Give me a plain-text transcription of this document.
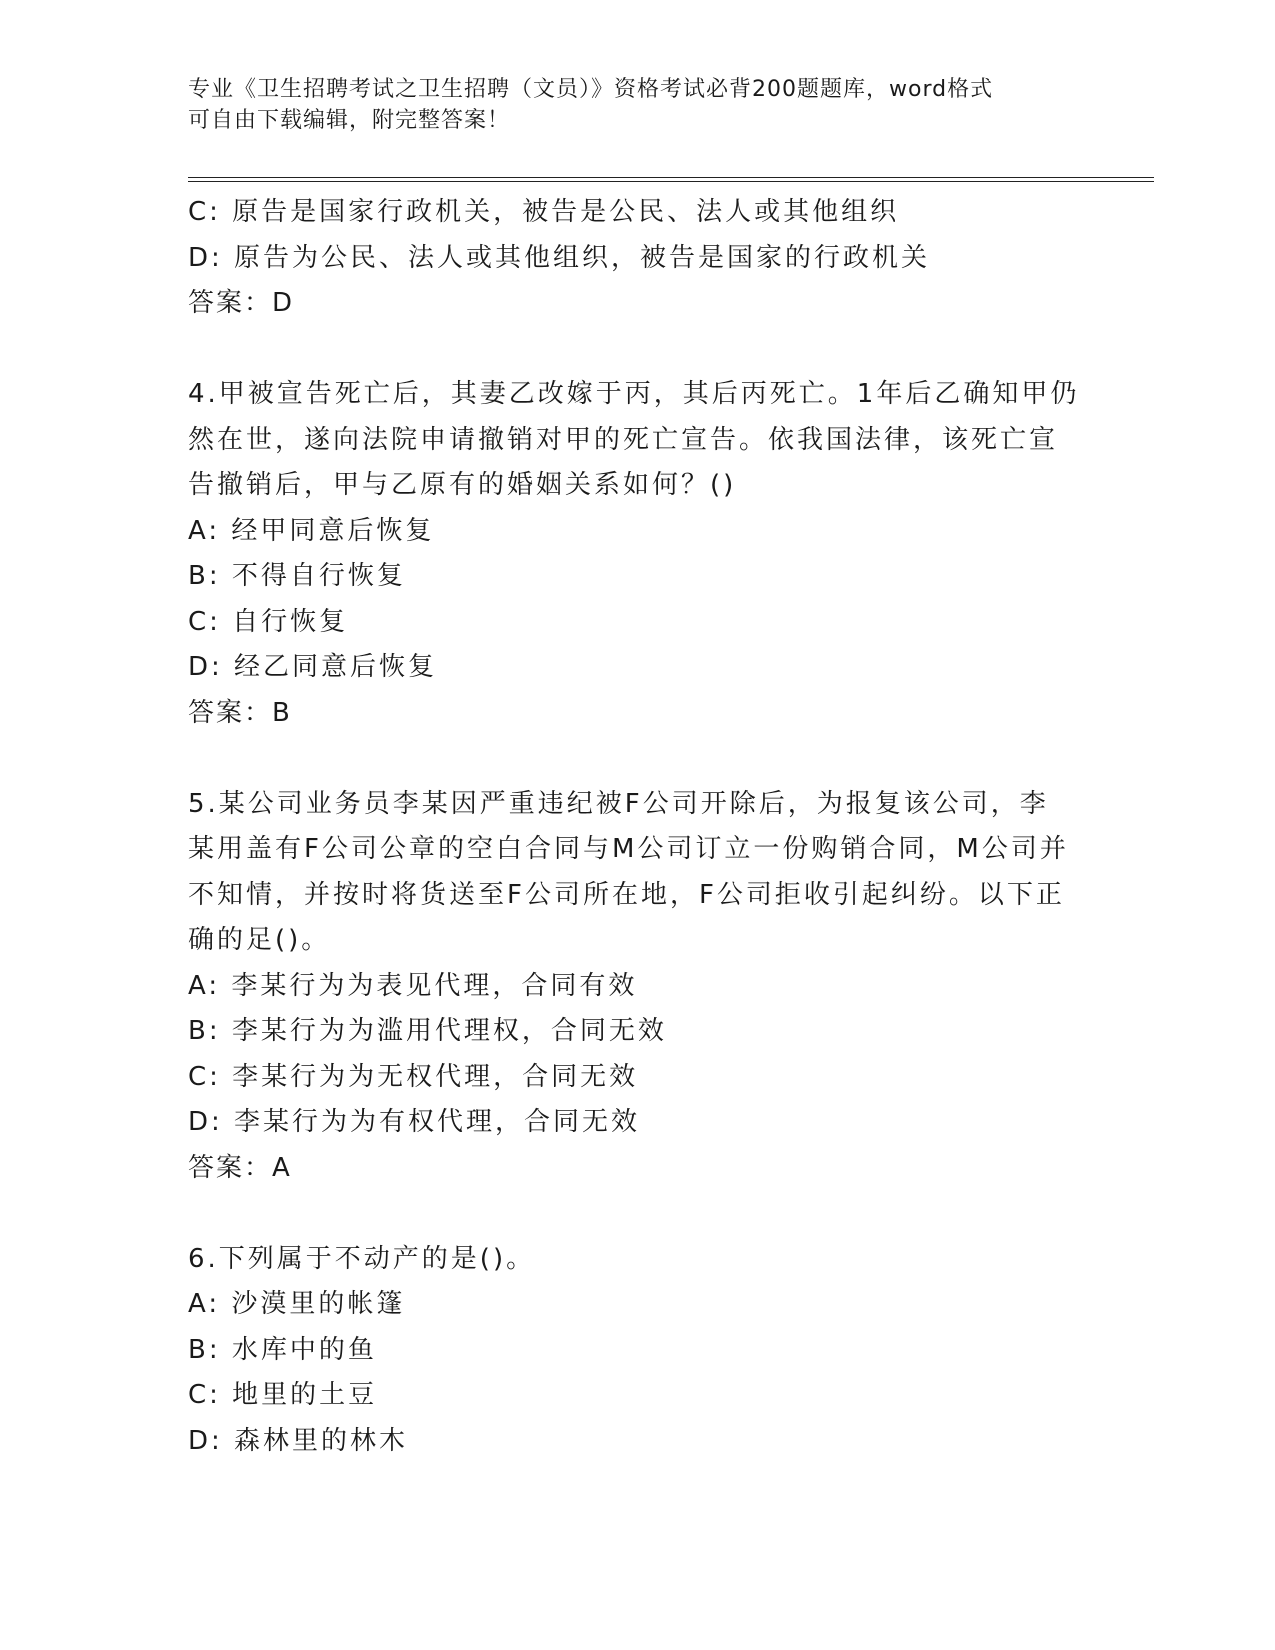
专业《卫生招聘考试之卫生招聘（文员）》资格考试必背200题题库，word格式
可自由下载编辑，附完整答案！
C: 原告是国家行政机关，被告是公民、法人或其他组织
D: 原告为公民、法人或其他组织，被告是国家的行政机关
答案：D
4.甲被宣告死亡后，其妻乙改嫁于丙，其后丙死亡。1年后乙确知甲仍
然在世，遂向法院申请撤销对甲的死亡宣告。依我国法律，该死亡宣
告撤销后，甲与乙原有的婚姻关系如何？()
A: 经甲同意后恢复
B: 不得自行恢复
C: 自行恢复
D: 经乙同意后恢复
答案：B
5.某公司业务员李某因严重违纪被F公司开除后，为报复该公司，李
某用盖有F公司公章的空白合同与M公司订立一份购销合同，M公司并
不知情，并按时将货送至F公司所在地，F公司拒收引起纠纷。以下正
确的足()。
A: 李某行为为表见代理，合同有效
B: 李某行为为滥用代理权，合同无效
C: 李某行为为无权代理，合同无效
D: 李某行为为有权代理，合同无效
答案：A
6.下列属于不动产的是()。
A: 沙漠里的帐篷
B: 水库中的鱼
C: 地里的土豆
D: 森林里的林木
